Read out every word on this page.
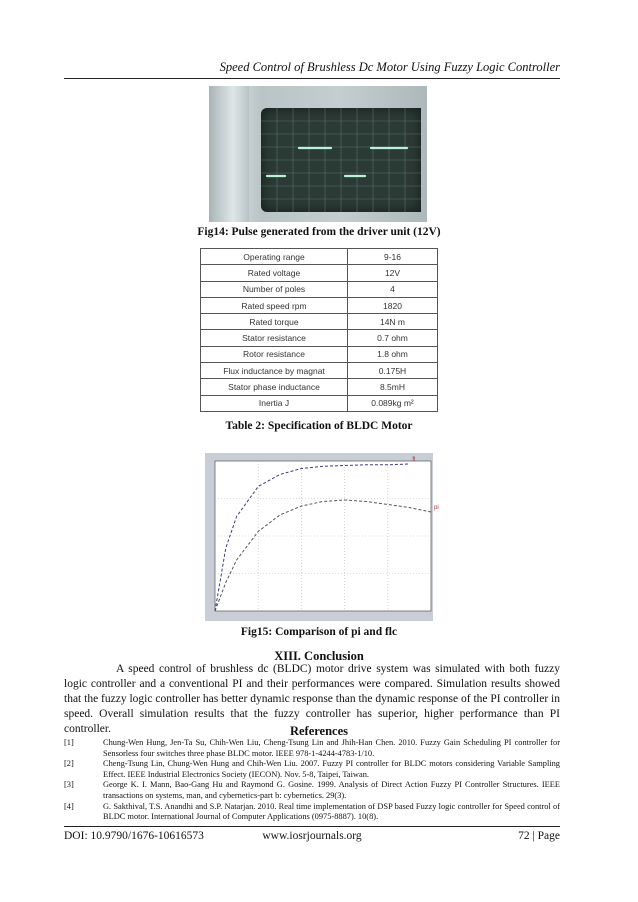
Speed Control of Brushless Dc Motor Using Fuzzy Logic Controller
Fig14: Pulse generated from the driver unit (12V)
Operating range	9-16
Rated voltage	12V
Number of poles	4
Rated speed rpm	1820
Rated torque	14N m
Stator resistance	0.7 ohm
Rotor resistance	1.8 ohm
Flux inductance by magnat	0.175H
Stator phase inductance	8.5mH
Inertia J	0.089kg m²
Table 2: Specification of BLDC Motor
fl
pi
Fig15: Comparison of pi and flc
XIII. Conclusion

A speed control of brushless dc (BLDC) motor drive system was simulated with both fuzzy logic controller and a conventional PI and their performances were compared. Simulation results showed that the fuzzy logic controller has better dynamic response than the dynamic response of the PI controller in speed. Overall simulation results that the fuzzy controller has superior, higher performance than PI controller.	References
[1]	Chung-Wen Hung, Jen-Ta Su, Chih-Wen Liu, Cheng-Tsung Lin and Jhih-Han Chen. 2010. Fuzzy Gain Scheduling PI controller for Sensorless four switches three phase BLDC motor. IEEE 978-1-4244-4783-1/10.
[2]	Cheng-Tsung Lin, Chung-Wen Hung and Chih-Wen Liu. 2007. Fuzzy PI controller for BLDC motors considering Variable Sampling Effect. IEEE Industrial Electronics Society (IECON). Nov. 5-8, Taipei, Taiwan.
[3]	George K. I. Mann, Bao-Gang Hu and Raymond G. Gosine. 1999. Analysis of Direct Action Fuzzy PI Controller Structures. IEEE transactions on systems, man, and cybernetics-part b: cybernetics. 29(3).
[4]	G. Sakthival, T.S. Anandhi and S.P. Natarjan. 2010. Real time implementation of DSP based Fuzzy logic controller for Speed control of BLDC motor. International Journal of Computer Applications (0975-8887). 10(8).
DOI: 10.9790/1676-10616573	www.iosrjournals.org	72 | Page
